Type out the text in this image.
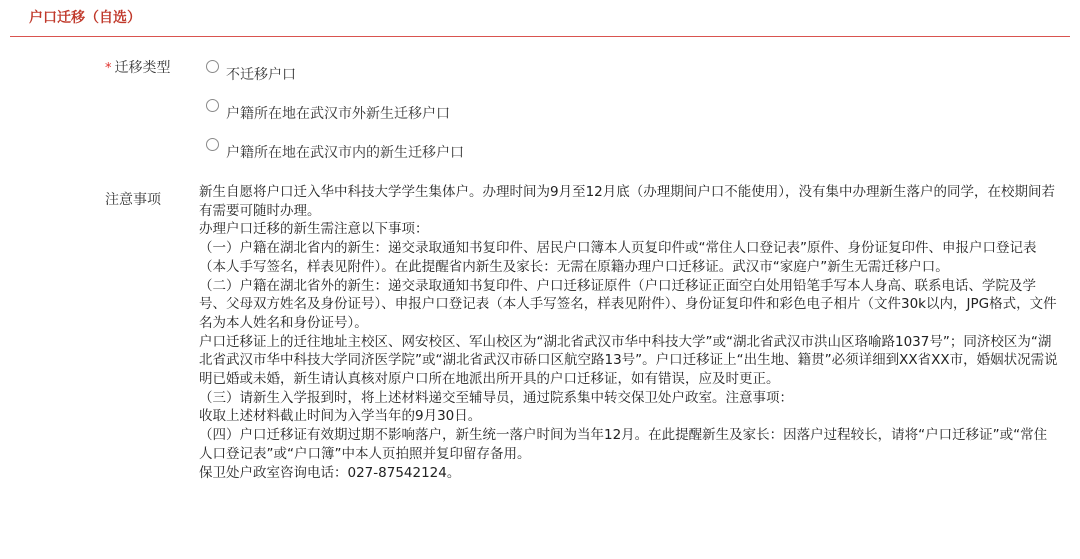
户口迁移（自选）
* 迁移类型	不迁移户口
户籍所在地在武汉市外新生迁移户口
户籍所在地在武汉市内的新生迁移户口
注意事项	新生自愿将户口迁入华中科技大学学生集体户。办理时间为9月至12月底（办理期间户口不能使用），没有集中办理新生落户的同学，在校期间若有需要可随时办理。

办理户口迁移的新生需注意以下事项：

（一）户籍在湖北省内的新生：递交录取通知书复印件、居民户口簿本人页复印件或“常住人口登记表”原件、身份证复印件、申报户口登记表（本人手写签名，样表见附件）。在此提醒省内新生及家长：无需在原籍办理户口迁移证。武汉市“家庭户”新生无需迁移户口。

（二）户籍在湖北省外的新生：递交录取通知书复印件、户口迁移证原件（户口迁移证正面空白处用铅笔手写本人身高、联系电话、学院及学号、父母双方姓名及身份证号）、申报户口登记表（本人手写签名，样表见附件）、身份证复印件和彩色电子相片（文件30k以内，JPG格式，文件名为本人姓名和身份证号）。

户口迁移证上的迁往地址主校区、网安校区、军山校区为“湖北省武汉市华中科技大学”或“湖北省武汉市洪山区珞喻路1037号”；同济校区为“湖北省武汉市华中科技大学同济医学院”或“湖北省武汉市硚口区航空路13号”。户口迁移证上“出生地、籍贯”必须详细到XX省XX市，婚姻状况需说明已婚或未婚，新生请认真核对原户口所在地派出所开具的户口迁移证，如有错误，应及时更正。

（三）请新生入学报到时，将上述材料递交至辅导员，通过院系集中转交保卫处户政室。注意事项：

收取上述材料截止时间为入学当年的9月30日。

（四）户口迁移证有效期过期不影响落户，新生统一落户时间为当年12月。在此提醒新生及家长：因落户过程较长，请将“户口迁移证”或“常住人口登记表”或“户口簿”中本人页拍照并复印留存备用。

保卫处户政室咨询电话：027-87542124。
